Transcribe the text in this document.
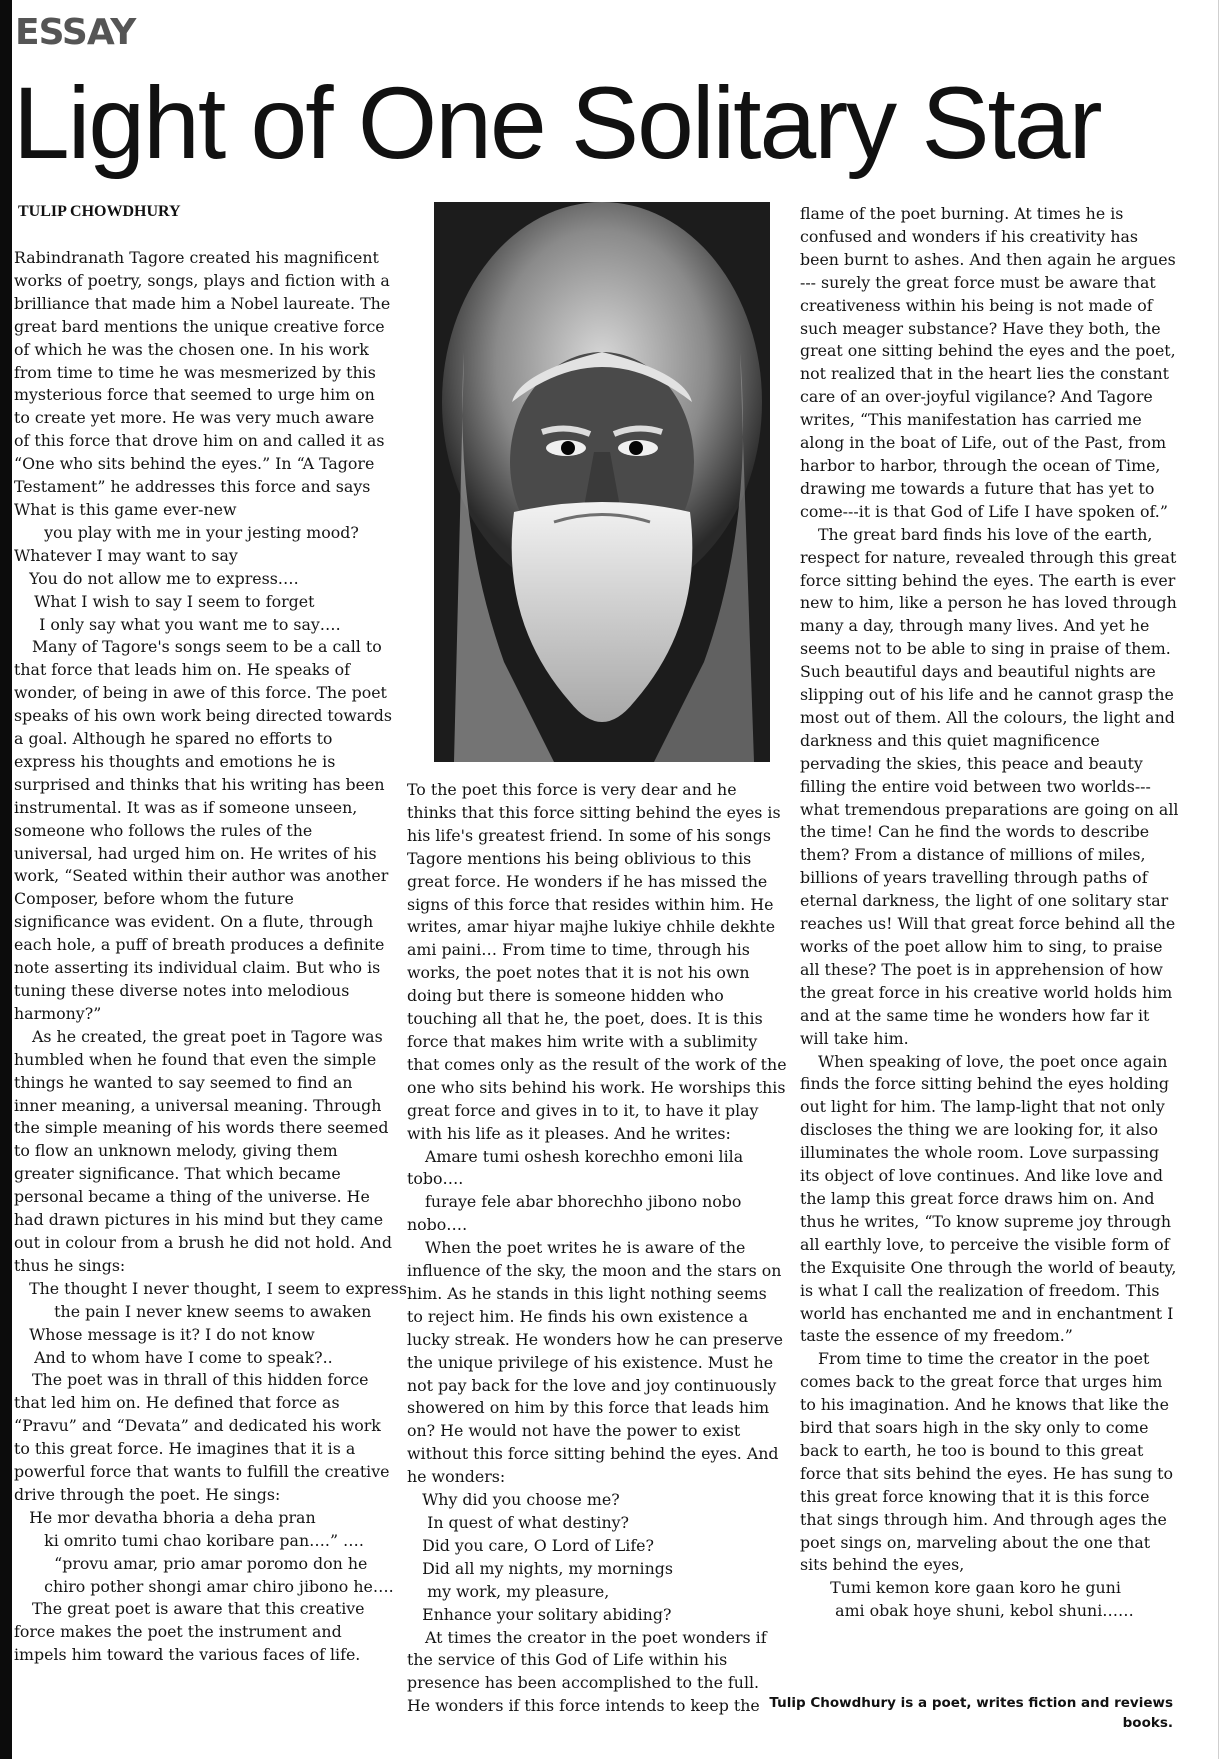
ESSAY
Light of One Solitary Star
TULIP CHOWDHURY

Rabindranath Tagore created his magnificent works of poetry, songs, plays and fiction with a brilliance that made him a Nobel laureate. The great bard mentions the unique creative force of which he was the chosen one. In his work from time to time he was mesmerized by this mysterious force that seemed to urge him on to create yet more. He was very much aware of this force that drove him on and called it as “One who sits behind the eyes.” In “A Tagore Testament” he addresses this force and says

What is this game ever-new

you play with me in your jesting mood?

Whatever I may want to say

You do not allow me to express….

What I wish to say I seem to forget

I only say what you want me to say….

Many of Tagore's songs seem to be a call to that force that leads him on. He speaks of wonder, of being in awe of this force. The poet speaks of his own work being directed towards a goal. Although he spared no efforts to express his thoughts and emotions he is surprised and thinks that his writing has been instrumental. It was as if someone unseen, someone who follows the rules of the universal, had urged him on. He writes of his work, “Seated within their author was another Composer, before whom the future significance was evident. On a flute, through each hole, a puff of breath produces a definite note asserting its individual claim. But who is tuning these diverse notes into melodious harmony?”

As he created, the great poet in Tagore was humbled when he found that even the simple things he wanted to say seemed to find an inner meaning, a universal meaning. Through the simple meaning of his words there seemed to flow an unknown melody, giving them greater significance. That which became personal became a thing of the universe. He had drawn pictures in his mind but they came out in colour from a brush he did not hold. And thus he sings:

The thought I never thought, I seem to express

the pain I never knew seems to awaken

Whose message is it? I do not know

And to whom have I come to speak?..

The poet was in thrall of this hidden force that led him on. He defined that force as “Pravu” and “Devata” and dedicated his work to this great force. He imagines that it is a powerful force that wants to fulfill the creative drive through the poet. He sings:

He mor devatha bhoria a deha pran

ki omrito tumi chao koribare pan….” ….

“provu amar, prio amar poromo don he

chiro pother shongi amar chiro jibono he….

The great poet is aware that this creative force makes the poet the instrument and impels him toward the various faces of life.

To the poet this force is very dear and he thinks that this force sitting behind the eyes is his life's greatest friend. In some of his songs Tagore mentions his being oblivious to this great force. He wonders if he has missed the signs of this force that resides within him. He writes, amar hiyar majhe lukiye chhile dekhte ami paini… From time to time, through his works, the poet notes that it is not his own doing but there is someone hidden who touching all that he, the poet, does. It is this force that makes him write with a sublimity that comes only as the result of the work of the one who sits behind his work. He worships this great force and gives in to it, to have it play with his life as it pleases. And he writes:

Amare tumi oshesh korechho emoni lila tobo….

furaye fele abar bhorechho jibono nobo nobo….

When the poet writes he is aware of the influence of the sky, the moon and the stars on him. As he stands in this light nothing seems to reject him. He finds his own existence a lucky streak. He wonders how he can preserve the unique privilege of his existence. Must he not pay back for the love and joy continuously showered on him by this force that leads him on? He would not have the power to exist without this force sitting behind the eyes. And he wonders:

Why did you choose me?

In quest of what destiny?

Did you care, O Lord of Life?

Did all my nights, my mornings

my work, my pleasure,

Enhance your solitary abiding?

At times the creator in the poet wonders if the service of this God of Life within his presence has been accomplished to the full. He wonders if this force intends to keep the

flame of the poet burning. At times he is confused and wonders if his creativity has been burnt to ashes. And then again he argues --- surely the great force must be aware that creativeness within his being is not made of such meager substance? Have they both, the great one sitting behind the eyes and the poet, not realized that in the heart lies the constant care of an over-joyful vigilance? And Tagore writes, “This manifestation has carried me along in the boat of Life, out of the Past, from harbor to harbor, through the ocean of Time, drawing me towards a future that has yet to come---it is that God of Life I have spoken of.”

The great bard finds his love of the earth, respect for nature, revealed through this great force sitting behind the eyes. The earth is ever new to him, like a person he has loved through many a day, through many lives. And yet he seems not to be able to sing in praise of them. Such beautiful days and beautiful nights are slipping out of his life and he cannot grasp the most out of them. All the colours, the light and darkness and this quiet magnificence pervading the skies, this peace and beauty filling the entire void between two worlds---what tremendous preparations are going on all the time! Can he find the words to describe them? From a distance of millions of miles, billions of years travelling through paths of eternal darkness, the light of one solitary star reaches us! Will that great force behind all the works of the poet allow him to sing, to praise all these? The poet is in apprehension of how the great force in his creative world holds him and at the same time he wonders how far it will take him.

When speaking of love, the poet once again finds the force sitting behind the eyes holding out light for him. The lamp-light that not only discloses the thing we are looking for, it also illuminates the whole room. Love surpassing its object of love continues. And like love and the lamp this great force draws him on. And thus he writes, “To know supreme joy through all earthly love, to perceive the visible form of the Exquisite One through the world of beauty, is what I call the realization of freedom. This world has enchanted me and in enchantment I taste the essence of my freedom.”

From time to time the creator in the poet comes back to the great force that urges him to his imagination. And he knows that like the bird that soars high in the sky only to come back to earth, he too is bound to this great force that sits behind the eyes. He has sung to this great force knowing that it is this force that sings through him. And through ages the poet sings on, marveling about the one that sits behind the eyes,

Tumi kemon kore gaan koro he guni

ami obak hoye shuni, kebol shuni……

Tulip Chowdhury is a poet, writes fiction and reviews books.
